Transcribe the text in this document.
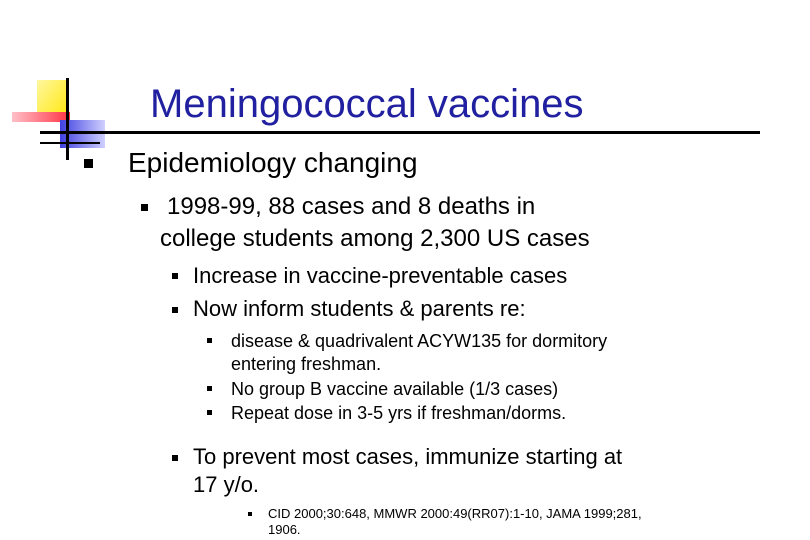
Meningococcal vaccines
Epidemiology changing
1998-99, 88 cases and 8 deaths in
college students among 2,300 US cases
Increase in vaccine-preventable cases
Now inform students & parents re:
disease & quadrivalent ACYW135 for dormitory
entering freshman.
No group B vaccine available (1/3 cases)
Repeat dose in 3-5 yrs if freshman/dorms.
To prevent most cases, immunize starting at
17 y/o.
CID 2000;30:648, MMWR 2000:49(RR07):1-10, JAMA 1999;281,
1906.
